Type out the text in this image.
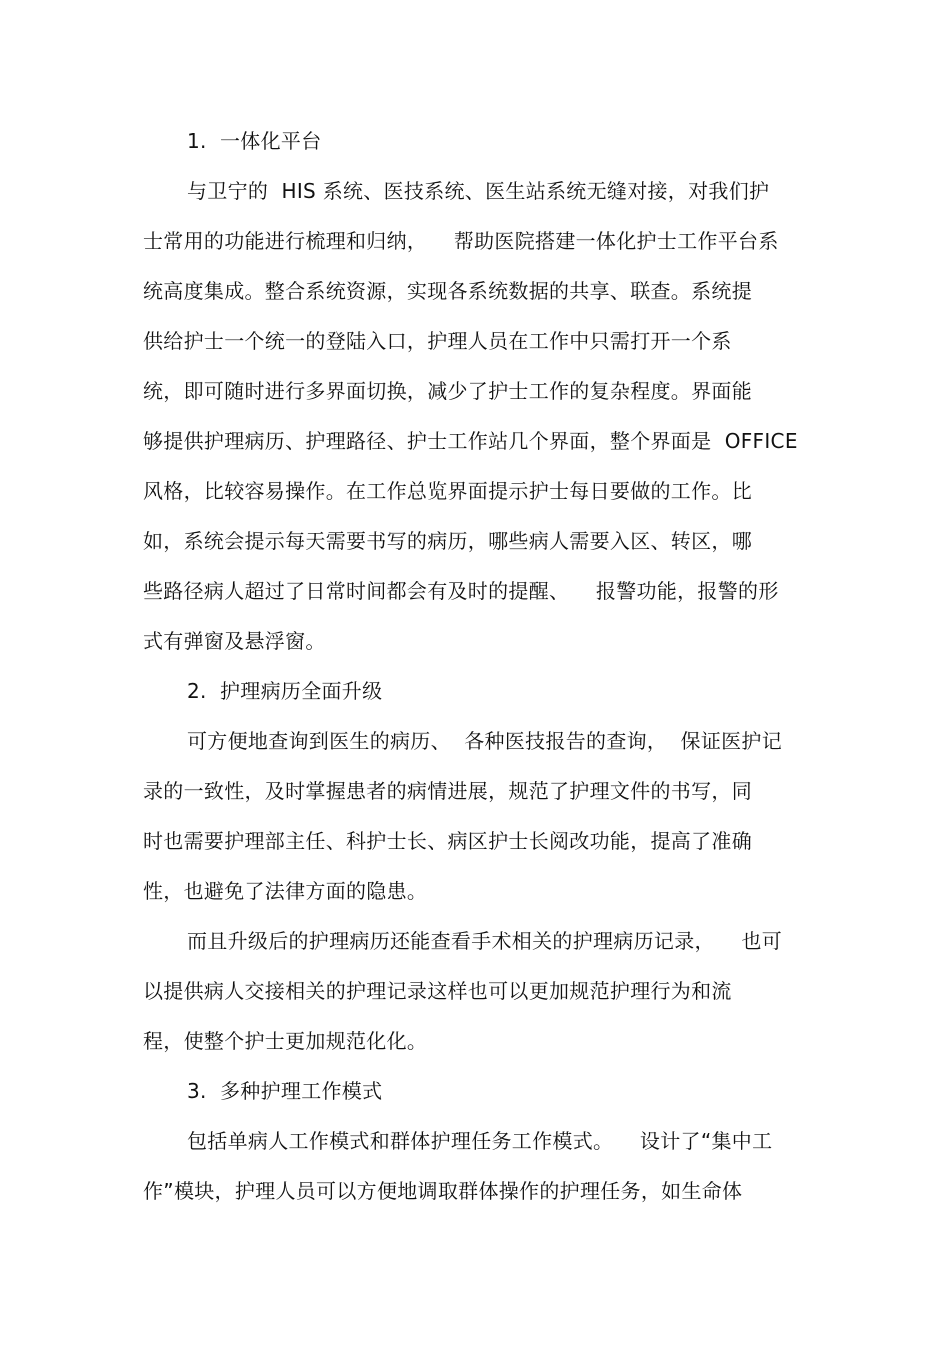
1.  一体化平台
与卫宁的  HIS 系统、医技系统、医生站系统无缝对接，对我们护
士常用的功能进行梳理和归纳，    帮助医院搭建一体化护士工作平台系
统高度集成。整合系统资源，实现各系统数据的共享、联查。系统提
供给护士一个统一的登陆入口，护理人员在工作中只需打开一个系
统，即可随时进行多界面切换，减少了护士工作的复杂程度。界面能
够提供护理病历、护理路径、护士工作站几个界面，整个界面是  OFFICE
风格，比较容易操作。在工作总览界面提示护士每日要做的工作。比
如，系统会提示每天需要书写的病历，哪些病人需要入区、转区，哪
些路径病人超过了日常时间都会有及时的提醒、    报警功能，报警的形
式有弹窗及悬浮窗。
2.  护理病历全面升级
可方便地查询到医生的病历、  各种医技报告的查询，  保证医护记
录的一致性，及时掌握患者的病情进展，规范了护理文件的书写，同
时也需要护理部主任、科护士长、病区护士长阅改功能，提高了准确
性，也避免了法律方面的隐患。
而且升级后的护理病历还能查看手术相关的护理病历记录，    也可
以提供病人交接相关的护理记录这样也可以更加规范护理行为和流
程，使整个护士更加规范化化。
3.  多种护理工作模式
包括单病人工作模式和群体护理任务工作模式。    设计了“集中工
作”模块，护理人员可以方便地调取群体操作的护理任务，如生命体
